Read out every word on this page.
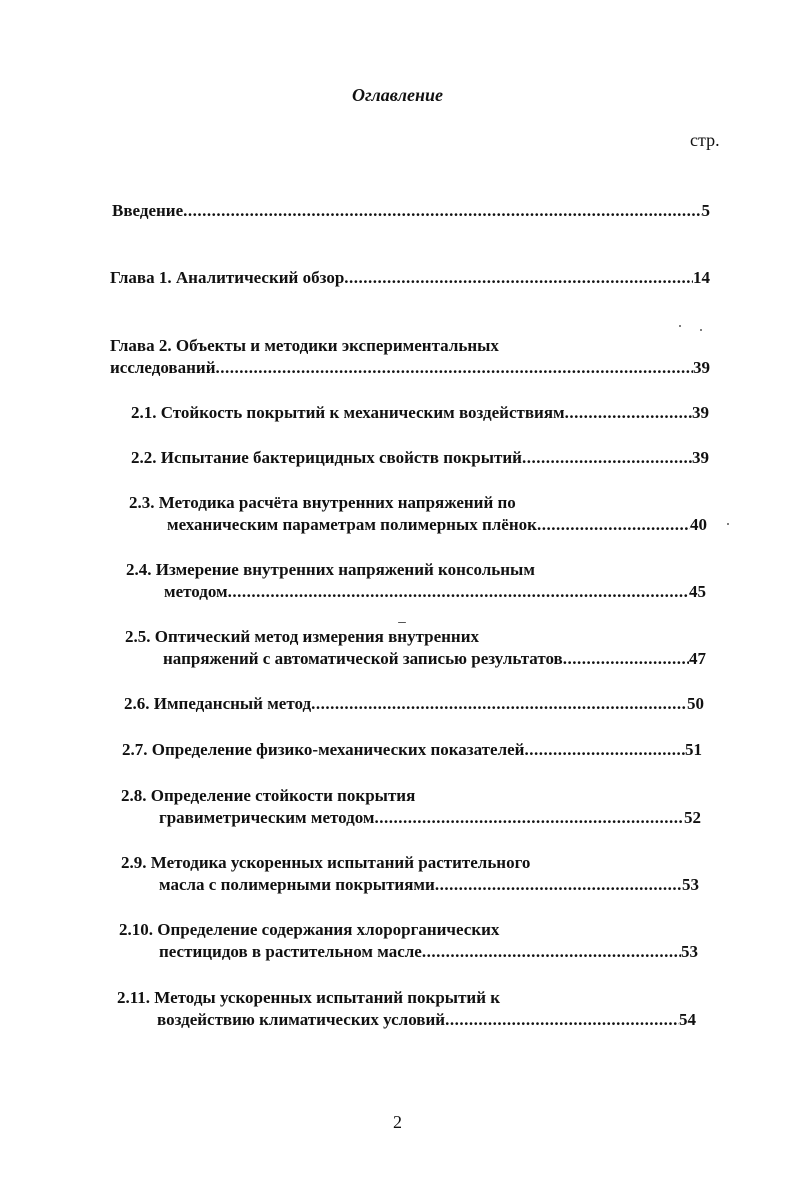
Оглавление
стр.
Введение .....	5
Глава 1. Аналитический обзор .....	14
Глава 2. Объекты и методики экспериментальных
исследований .....	39
2.1. Стойкость покрытий к механическим воздействиям .....	39
2.2. Испытание бактерицидных свойств покрытий .....	39
2.3. Методика расчёта внутренних напряжений по
механическим параметрам полимерных плёнок .....	40
2.4. Измерение внутренних напряжений консольным
методом .....	45
2.5. Оптический метод измерения внутренних
напряжений с автоматической записью результатов .....	47
2.6. Импедансный метод .....	50
2.7. Определение физико-механических показателей .....	51
2.8. Определение стойкости покрытия
гравиметрическим методом .....	52
2.9. Методика ускоренных испытаний растительного
масла с полимерными покрытиями .....	53
2.10. Определение содержания хлорорганических
пестицидов в растительном масле .....	53
2.11. Методы ускоренных испытаний покрытий к
воздействию климатических условий .....	54
2
